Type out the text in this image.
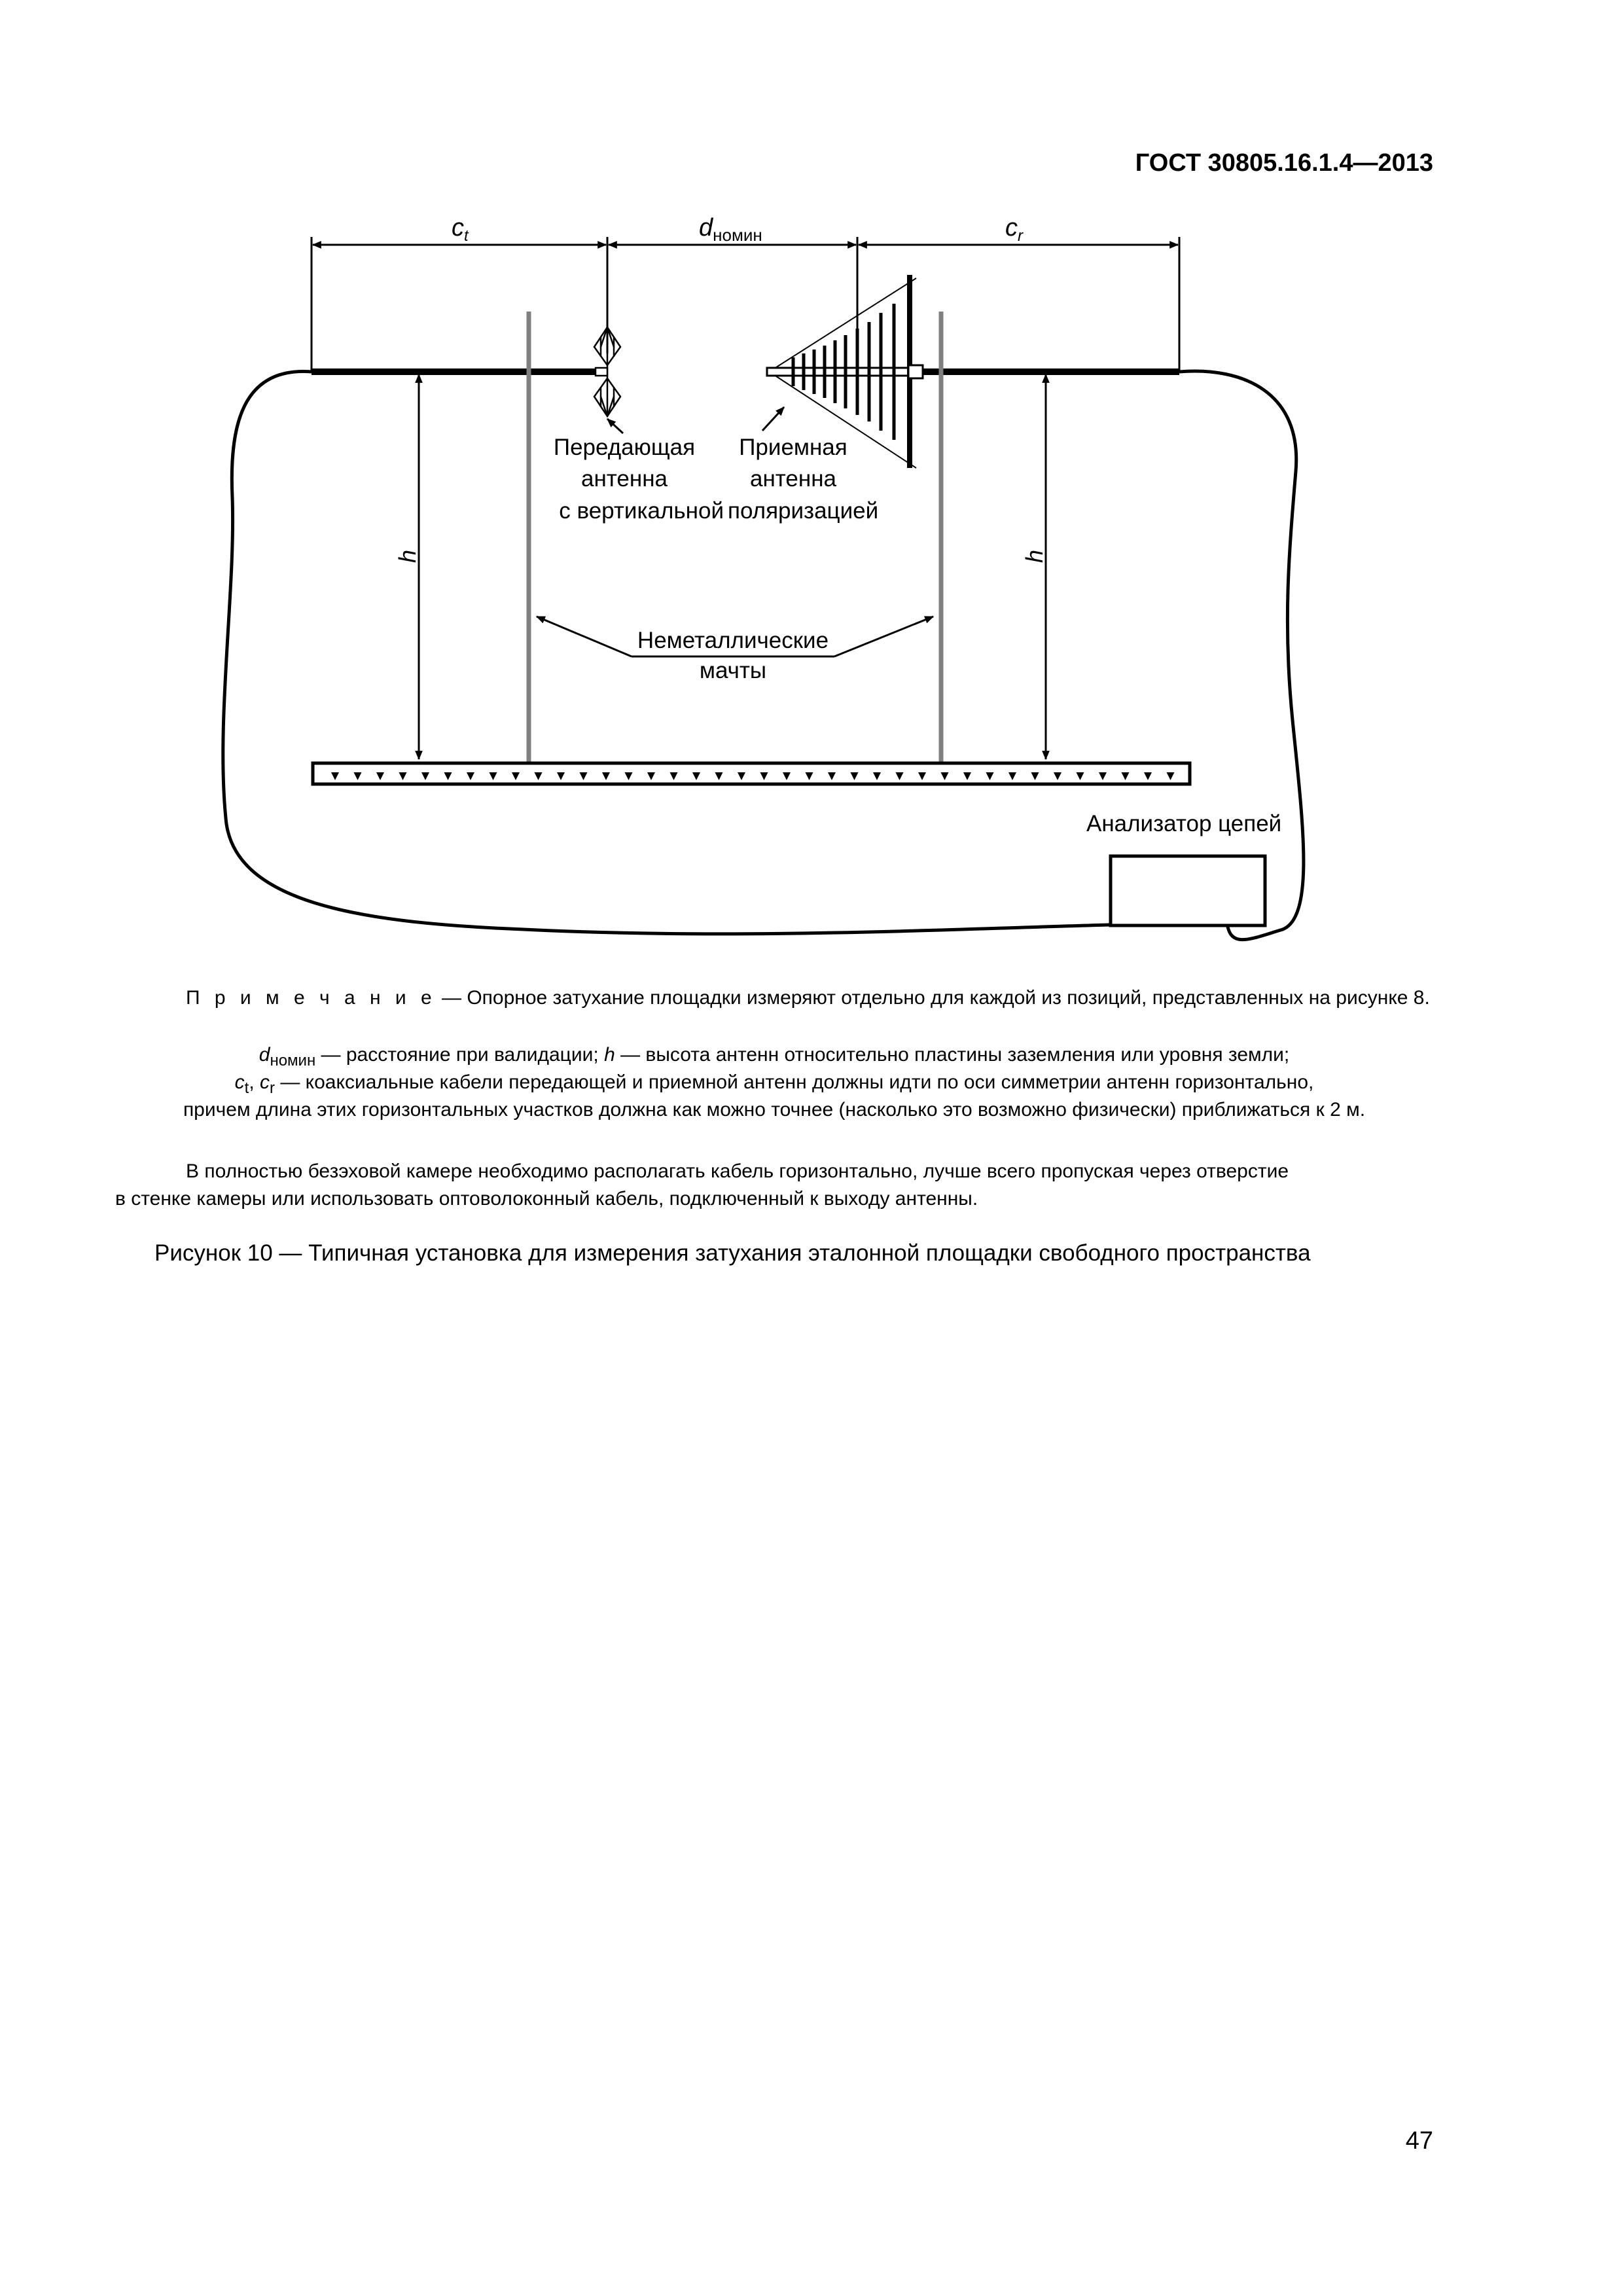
ГОСТ 30805.16.1.4—2013
$c_t$	$d_{номин}$	$c_r$
h	h
Передающая
антенна
Приемная
антенна
с вертикальной поляризацией
Неметаллические
мачты
Анализатор цепей
П р и м е ч а н и е — Опорное затухание площадки измеряют отдельно для каждой из позиций, представленных на рисунке 8.
$d_{номин}$ — расстояние при валидации; h — высота антенн относительно пластины заземления или уровня земли;
$c_t$, $c_r$ — коаксиальные кабели передающей и приемной антенн должны идти по оси симметрии антенн горизонтально,
причем длина этих горизонтальных участков должна как можно точнее (насколько это возможно физически) приближаться к 2 м.
В полностью безэховой камере необходимо располагать кабель горизонтально, лучше всего пропуская через отверстие
в стенке камеры или использовать оптоволоконный кабель, подключенный к выходу антенны.
Рисунок 10 — Типичная установка для измерения затухания эталонной площадки свободного пространства
47
